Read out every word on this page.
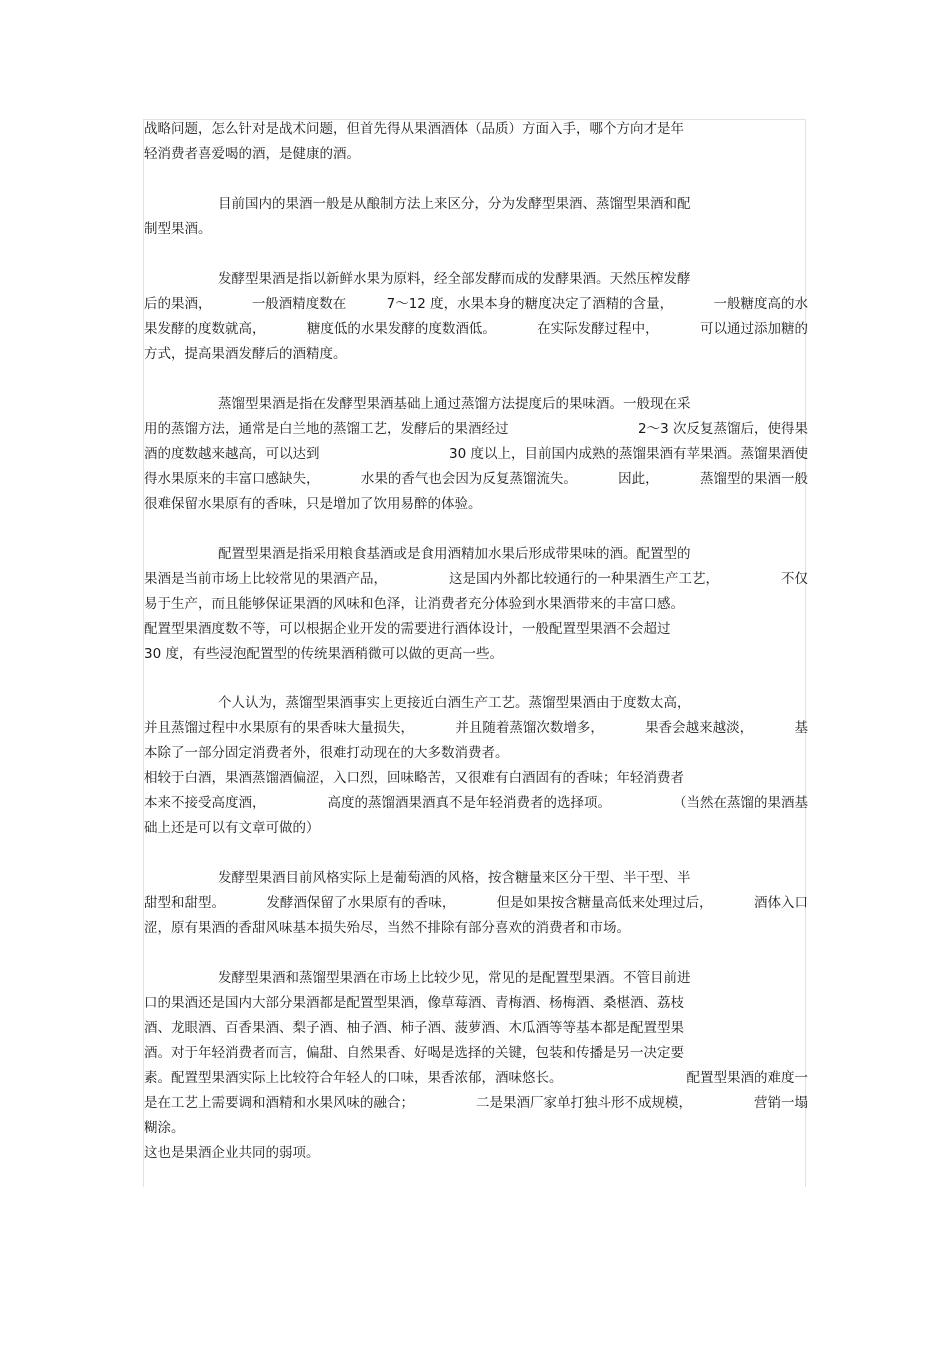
战略问题，怎么针对是战术问题，但首先得从果酒酒体（品质）方面入手，哪个方向才是年
轻消费者喜爱喝的酒，是健康的酒。
目前国内的果酒一般是从酿制方法上来区分，分为发酵型果酒、蒸馏型果酒和配
制型果酒。
发酵型果酒是指以新鲜水果为原料，经全部发酵而成的发酵果酒。天然压榨发酵
后的果酒，	一般酒精度数在	7～12 度，水果本身的糖度决定了酒精的含量，	一般糖度高的水
果发酵的度数就高，	糖度低的水果发酵的度数酒低。	在实际发酵过程中，	可以通过添加糖的
方式，提高果酒发酵后的酒精度。
蒸馏型果酒是指在发酵型果酒基础上通过蒸馏方法提度后的果味酒。一般现在采
用的蒸馏方法，通常是白兰地的蒸馏工艺，发酵后的果酒经过	2～3 次反复蒸馏后，使得果
酒的度数越来越高，可以达到	30 度以上，目前国内成熟的蒸馏果酒有苹果酒。蒸馏果酒使
得水果原来的丰富口感缺失，	水果的香气也会因为反复蒸馏流失。	因此，	蒸馏型的果酒一般
很难保留水果原有的香味，只是增加了饮用易醉的体验。
配置型果酒是指采用粮食基酒或是食用酒精加水果后形成带果味的酒。配置型的
果酒是当前市场上比较常见的果酒产品，	这是国内外都比较通行的一种果酒生产工艺，	不仅
易于生产，而且能够保证果酒的风味和色泽，让消费者充分体验到水果酒带来的丰富口感。
配置型果酒度数不等，可以根据企业开发的需要进行酒体设计，一般配置型果酒不会超过
30 度，有些浸泡配置型的传统果酒稍微可以做的更高一些。
个人认为，蒸馏型果酒事实上更接近白酒生产工艺。蒸馏型果酒由于度数太高，
并且蒸馏过程中水果原有的果香味大量损失，	并且随着蒸馏次数增多，	果香会越来越淡，	基
本除了一部分固定消费者外，很难打动现在的大多数消费者。
相较于白酒，果酒蒸馏酒偏涩，入口烈，回味略苦，又很难有白酒固有的香味；年轻消费者
本来不接受高度酒，	高度的蒸馏酒果酒真不是年轻消费者的选择项。	（当然在蒸馏的果酒基
础上还是可以有文章可做的）
发酵型果酒目前风格实际上是葡萄酒的风格，按含糖量来区分干型、半干型、半
甜型和甜型。	发酵酒保留了水果原有的香味，	但是如果按含糖量高低来处理过后，	酒体入口
涩，原有果酒的香甜风味基本损失殆尽，当然不排除有部分喜欢的消费者和市场。
发酵型果酒和蒸馏型果酒在市场上比较少见，常见的是配置型果酒。不管目前进
口的果酒还是国内大部分果酒都是配置型果酒，像草莓酒、青梅酒、杨梅酒、桑椹酒、荔枝
酒、龙眼酒、百香果酒、梨子酒、柚子酒、柿子酒、菠萝酒、木瓜酒等等基本都是配置型果
酒。对于年轻消费者而言，偏甜、自然果香、好喝是选择的关键，包装和传播是另一决定要
素。配置型果酒实际上比较符合年轻人的口味，果香浓郁，酒味悠长。	配置型果酒的难度一
是在工艺上需要调和酒精和水果风味的融合；	二是果酒厂家单打独斗形不成规模，	营销一塌
糊涂。
这也是果酒企业共同的弱项。
